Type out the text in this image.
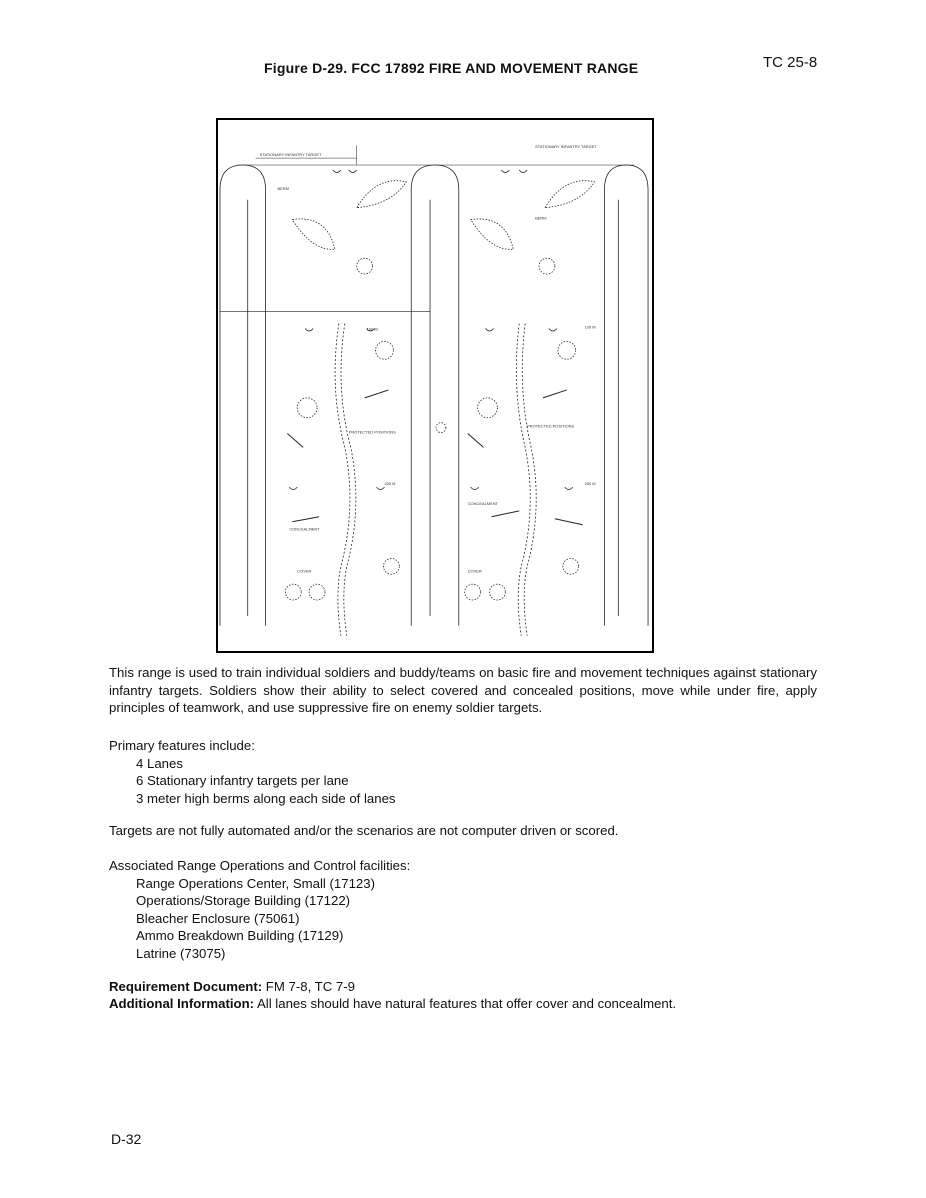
TC 25-8
Figure D-29. FCC 17892 FIRE AND MOVEMENT RANGE
STATIONARY INFANTRY TARGET
STATIONARY INFANTRY TARGET
100 M	100 M
200 M	200 M
COVER	COVER
CONCEALMENT
CONCEALMENT
PROTECTED POSITIONS
PROTECTED POSITIONS
BERM
BERM
This range is used to train individual soldiers and buddy/teams on basic fire and movement techniques against stationary infantry targets. Soldiers show their ability to select covered and concealed positions, move while under fire, apply principles of teamwork, and use suppressive fire on enemy soldier targets.
Primary features include:
4 Lanes
6 Stationary infantry targets per lane
3 meter high berms along each side of lanes
Targets are not fully automated and/or the scenarios are not computer driven or scored.
Associated Range Operations and Control facilities:
Range Operations Center, Small (17123)
Operations/Storage Building (17122)
Bleacher Enclosure (75061)
Ammo Breakdown Building (17129)
Latrine (73075)
Requirement Document: FM 7-8, TC 7-9
Additional Information: All lanes should have natural features that offer cover and concealment.
D-32
